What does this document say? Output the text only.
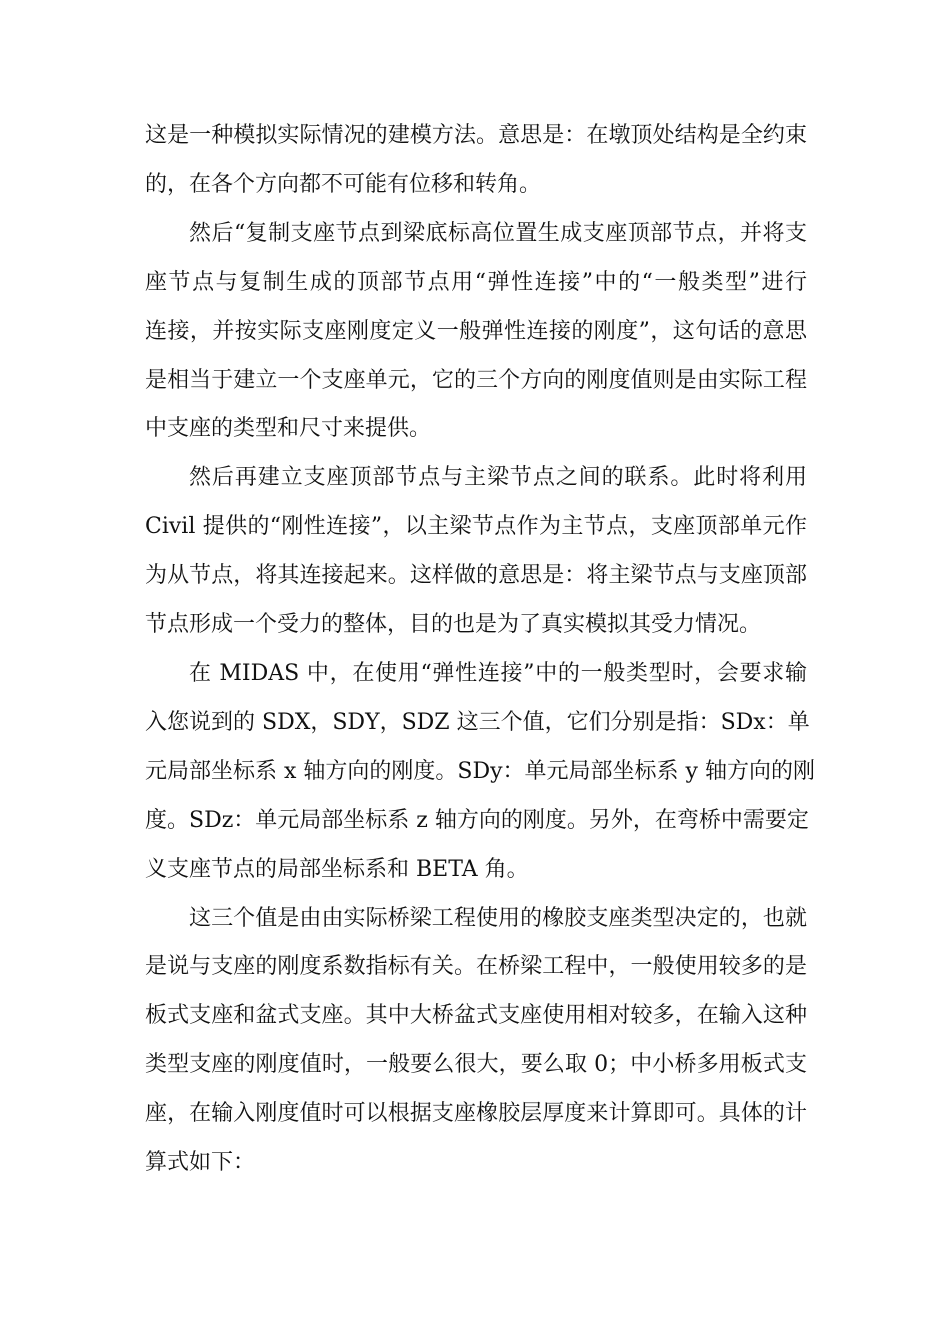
这是一种模拟实际情况的建模方法。意思是：在墩顶处结构是全约束
的，在各个方向都不可能有位移和转角。
然后“复制支座节点到梁底标高位置生成支座顶部节点，并将支
座节点与复制生成的顶部节点用“弹性连接”中的“一般类型”进行
连接，并按实际支座刚度定义一般弹性连接的刚度”，这句话的意思
是相当于建立一个支座单元，它的三个方向的刚度值则是由实际工程
中支座的类型和尺寸来提供。
然后再建立支座顶部节点与主梁节点之间的联系。此时将利用
Civil 提供的“刚性连接”，以主梁节点作为主节点，支座顶部单元作
为从节点，将其连接起来。这样做的意思是：将主梁节点与支座顶部
节点形成一个受力的整体，目的也是为了真实模拟其受力情况。
在 MIDAS 中，在使用“弹性连接”中的一般类型时，会要求输
入您说到的 SDX，SDY，SDZ 这三个值，它们分别是指：SDx：单
元局部坐标系 x 轴方向的刚度。SDy：单元局部坐标系 y 轴方向的刚
度。SDz：单元局部坐标系 z 轴方向的刚度。另外，在弯桥中需要定
义支座节点的局部坐标系和 BETA 角。
这三个值是由由实际桥梁工程使用的橡胶支座类型决定的，也就
是说与支座的刚度系数指标有关。在桥梁工程中，一般使用较多的是
板式支座和盆式支座。其中大桥盆式支座使用相对较多，在输入这种
类型支座的刚度值时，一般要么很大，要么取 0；中小桥多用板式支
座，在输入刚度值时可以根据支座橡胶层厚度来计算即可。具体的计
算式如下：
